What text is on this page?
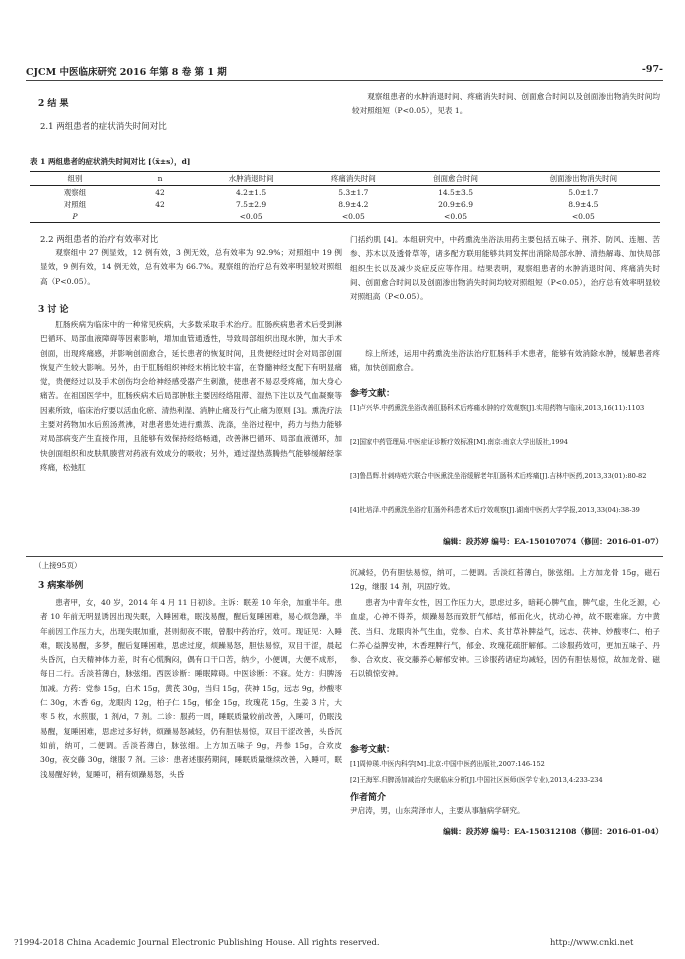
CJCM 中医临床研究 2016 年第 8 卷 第 1 期	-97-
2 结 果
2.1 两组患者的症状消失时间对比

观察组患者的水肿消退时间、疼痛消失时间、创面愈合时间以及创面渗出物消失时间均较对照组短（P<0.05），见表 1。

表 1 两组患者的症状消失时间对比 [（x̄±s），d]
组别	n	水肿消退时间	疼痛消失时间	创面愈合时间	创面渗出物消失时间
观察组	42	4.2±1.5	5.3±1.7	14.5±3.5	5.0±1.7
对照组	42	7.5±2.9	8.9±4.2	20.9±6.9	8.9±4.5
P		<0.05	<0.05	<0.05	<0.05
2.2 两组患者的治疗有效率对比

观察组中 27 例显效，12 例有效，3 例无效，总有效率为 92.9%；对照组中 19 例显效，9 例有效，14 例无效，总有效率为 66.7%。观察组的治疗总有效率明显较对照组高（P<0.05）。

3 讨 论

肛肠疾病为临床中的一种常见疾病，大多数采取手术治疗。肛肠疾病患者术后受到淋巴循环、局部血液障碍等因素影响，增加血管通透性，导致局部组织出现水肿，加大手术创面，出现疼痛感，并影响创面愈合，延长患者的恢复时间，且贵便经过时会对局部创面恢复产生较大影响。另外，由于肛肠组织神经末梢比较丰富，在脊髓神经支配下有明显痛觉，贵便经过以及手术创伤均会给神经感受器产生刺激，使患者不易忍受疼痛，加大身心痛苦。在祖国医学中，肛肠疾病术后局部肿胀主要因经络阻滞、湿热下注以及气血凝聚等因素所致，临床治疗要以活血化瘀、清热利湿、消肿止痛及行气止痛为原则 [3]。熏洗疗法主要对药物加水后煎汤煮沸，对患者患处进行熏蒸、洗涤，坐浴过程中，药力与热力能够对局部病变产生直接作用，且能够有效保持经络畅通，改善淋巴循环、局部血液循环，加快创面组织和皮肤肌腠营对药液有效成分的吸收；另外，通过湿热蒸腾热气能够缓解经挛疼痛，松弛肛

门括约肌 [4]。本组研究中，中药熏洗坐浴法用药主要包括五味子、荆芥、防风、连翘、苦参、苏木以及透骨草等，诸多配方联用能够共同发挥出消除局部水肿、清热解毒、加快局部组织生长以及减少炎症反应等作用。结果表明，观察组患者的水肿消退时间、疼痛消失时间、创面愈合时间以及创面渗出物消失时间均较对照组短（P<0.05），治疗总有效率明显较对照组高（P<0.05）。

综上所述，运用中药熏洗坐浴法治疗肛肠科手术患者，能够有效消除水肿，缓解患者疼痛，加快创面愈合。

参考文献：

[1]卢兴华.中药熏洗坐浴改善肛肠科术后疼痛水肿的疗效观察[J].实用药物与临床,2013,16(11):1103

[2]国家中药管理局.中医症证诊断疗效标准[M].南京:南京大学出版社,1994

[3]鲁昌辉.针刺痔疮穴联合中医熏洗坐浴缓解老年肛肠科术后疼痛[J].吉林中医药,2013,33(01):80-82

[4]杜培泽.中药熏洗坐浴疗肛肠外科患者术后疗效观察[J].湖南中医药大学学报,2013,33(04):38-39

编辑：段苏婷 编号：EA-150107074（修回：2016-01-07）
（上接95页）
3 病案举例

患者甲，女，40 岁，2014 年 4 月 11 日初诊。主诉：眠差 10 年余，加重半年。患者 10 年前无明显诱因出现失眠，入睡困难，眠浅易醒，醒后复睡困难，易心烦急躁，半年前因工作压力大，出现失眠加重，甚则彻夜不眠，曾服中药治疗，效可。现证见：入睡难，眠浅易醒，多梦，醒后复睡困难，思虑过度，烦躁易怒，胆怯易惊，双目干涩，晨起头昏沉，白天精神体力差，时有心慌胸闷，偶有口干口苦，纳少，小便调，大便不成形，每日二行。舌淡苔薄白，脉弦细。西医诊断：睡眠障碍。中医诊断：不寐。处方：归脾汤加减。方药：党参 15g，白术 15g，黄芪 30g，当归 15g，茯神 15g，远志 9g，炒酸枣仁 30g，木香 6g，龙眼肉 12g，柏子仁 15g，郁金 15g，玫瑰花 15g，生姜 3 片，大枣 5 枚，水煎服，1 剂/d，7 剂。二诊：服药一周，睡眠质量较前改善，入睡可，仍眠浅易醒，复睡困难，思虑过多好转，烦躁易怒减轻，仍有胆怯易惊，双目干涩改善，头昏沉如前，纳可，二便调。舌淡苔薄白，脉弦细。上方加五味子 9g，丹参 15g，合欢皮 30g，夜交藤 30g，继服 7 剂。三诊：患者述服药期间，睡眠质量继续改善，入睡可，眠浅易醒好转，复睡可，稍有烦躁易怒，头昏

沉减轻，仍有胆怯易惊，纳可，二便调。舌淡红苔薄白，脉弦细。上方加龙骨 15g，磁石 12g，继服 14 剂，巩固疗效。

患者为中青年女性，因工作压力大，思虑过多，暗耗心脾气血，脾气虚，生化乏源，心血虚，心神不得养，烦躁易怒而致肝气郁结，郁而化火，扰动心神，故不眠难寐。方中黄芪、当归、龙眼肉补气生血，党参、白术、炙甘草补脾益气，远志、茯神、炒酸枣仁、柏子仁养心益脾安神，木香理脾行气，郁金、玫瑰花疏肝解郁。二诊服药效可，更加五味子、丹参、合欢皮、夜交藤养心解郁安神。三诊服药诸症均减轻，因仍有胆怯易惊，故加龙骨、磁石以镇惊安神。

参考文献：

[1]周仲瑛.中医内科学[M].北京:中国中医药出版社,2007:146-152

[2]王海军.归脾汤加减治疗失眠临床分析[J].中国社区医师(医学专业),2013,4:233-234

作者简介
尹启涛，男，山东菏泽市人，主要从事脑病学研究。
编辑：段苏婷 编号：EA-150312108（修回：2016-01-04）
?1994-2018 China Academic Journal Electronic Publishing House. All rights reserved.	http://www.cnki.net
